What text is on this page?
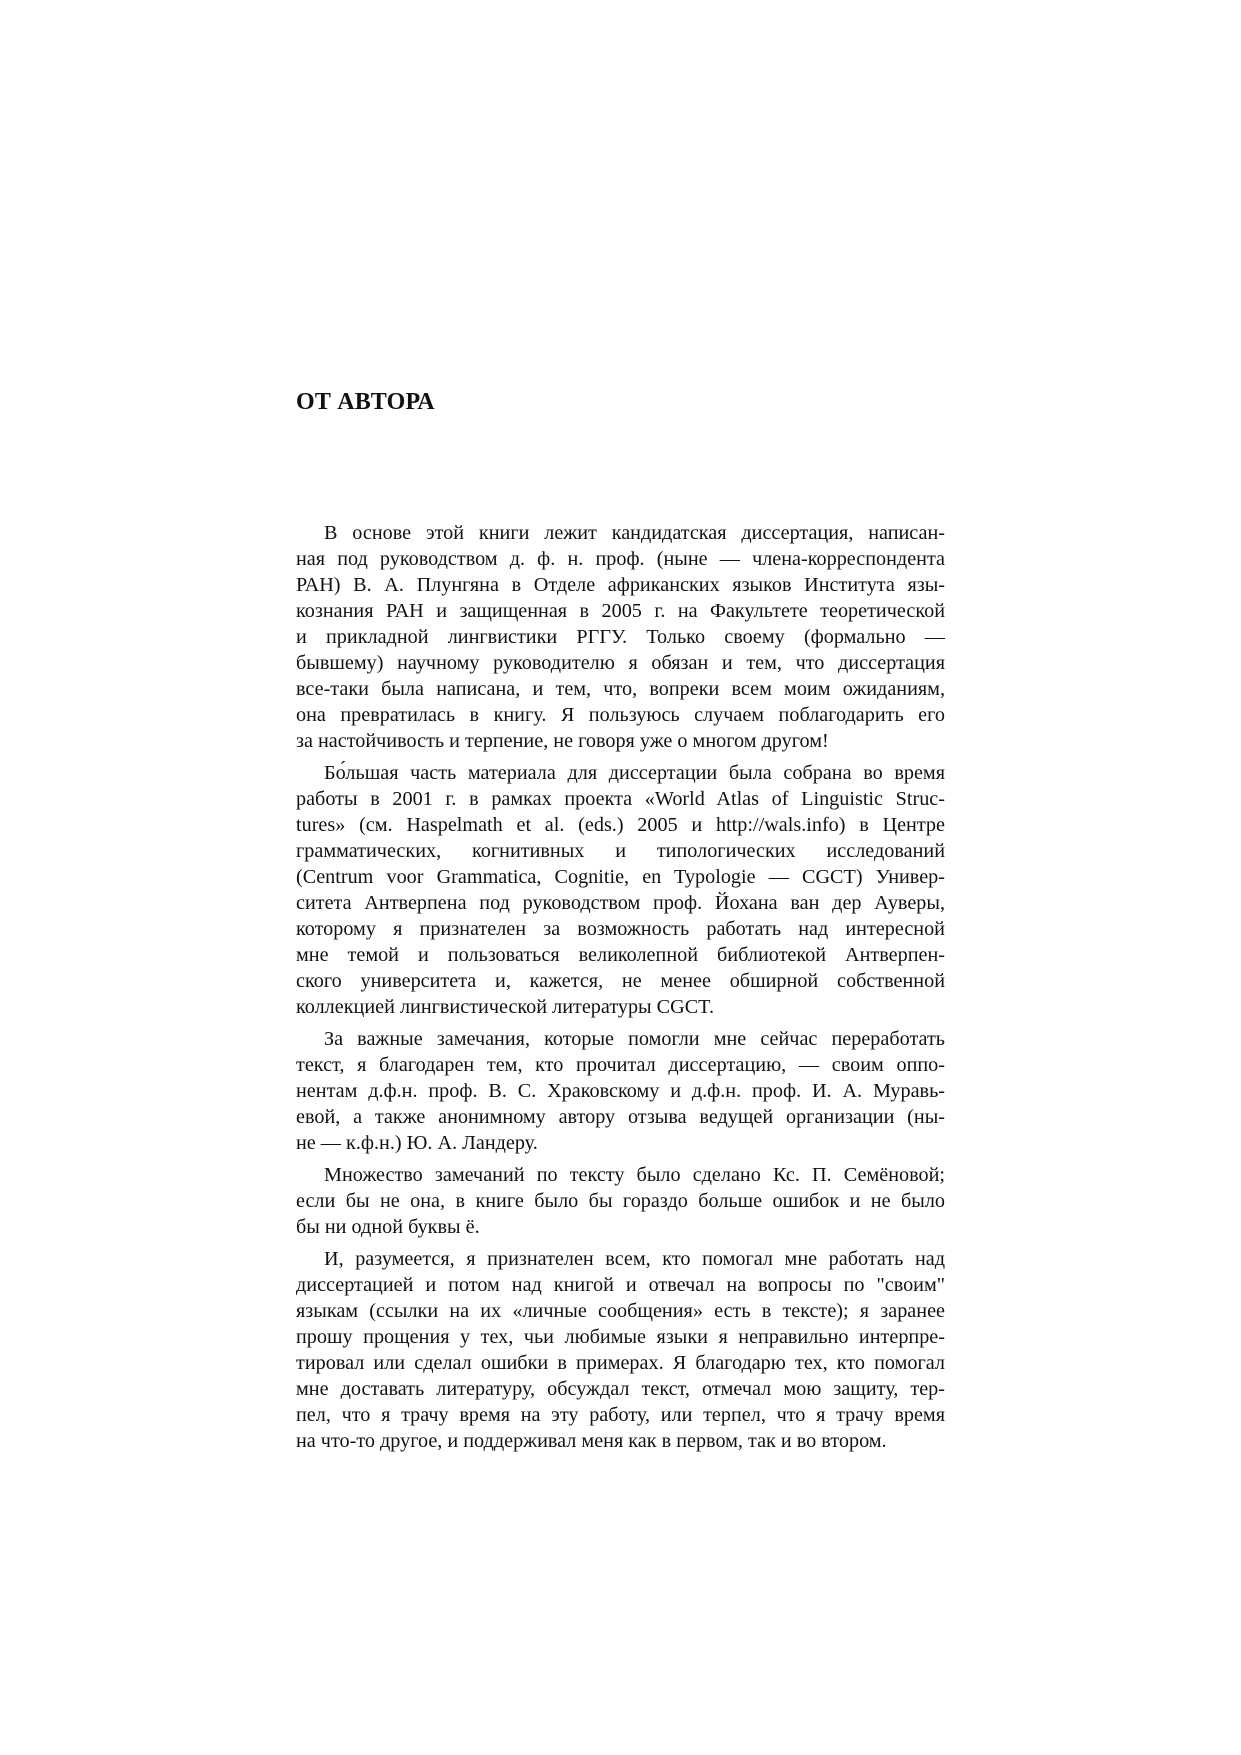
ОТ АВТОРА

В основе этой книги лежит кандидатская диссертация, написан-
ная под руководством д. ф. н. проф. (ныне — члена-корреспондента
РАН) В. А. Плунгяна в Отделе африканских языков Института язы-
кознания РАН и защищенная в 2005 г. на Факультете теоретической
и прикладной лингвистики РГГУ. Только своему (формально —
бывшему) научному руководителю я обязан и тем, что диссертация
все-таки была написана, и тем, что, вопреки всем моим ожиданиям,
она превратилась в книгу. Я пользуюсь случаем поблагодарить его
за настойчивость и терпение, не говоря уже о многом другом!

Бо́льшая часть материала для диссертации была собрана во время
работы в 2001 г. в рамках проекта «World Atlas of Linguistic Struc-
tures» (см. Haspelmath et al. (eds.) 2005 и http://wals.info) в Центре
грамматических, когнитивных и типологических исследований
(Centrum voor Grammatica, Cognitie, en Typologie — CGCT) Универ-
ситета Антверпена под руководством проф. Йохана ван дер Ауверы,
которому я признателен за возможность работать над интересной
мне темой и пользоваться великолепной библиотекой Антверпен-
ского университета и, кажется, не менее обширной собственной
коллекцией лингвистической литературы CGCT.

За важные замечания, которые помогли мне сейчас переработать
текст, я благодарен тем, кто прочитал диссертацию, — своим оппо-
нентам д.ф.н. проф. В. С. Храковскому и д.ф.н. проф. И. А. Муравь-
евой, а также анонимному автору отзыва ведущей организации (ны-
не — к.ф.н.) Ю. А. Ландеру.

Множество замечаний по тексту было сделано Кс. П. Семёновой;
если бы не она, в книге было бы гораздо больше ошибок и не было
бы ни одной буквы ё.

И, разумеется, я признателен всем, кто помогал мне работать над
диссертацией и потом над книгой и отвечал на вопросы по "своим"
языкам (ссылки на их «личные сообщения» есть в тексте); я заранее
прошу прощения у тех, чьи любимые языки я неправильно интерпре-
тировал или сделал ошибки в примерах. Я благодарю тех, кто помогал
мне доставать литературу, обсуждал текст, отмечал мою защиту, тер-
пел, что я трачу время на эту работу, или терпел, что я трачу время
на что-то другое, и поддерживал меня как в первом, так и во втором.
